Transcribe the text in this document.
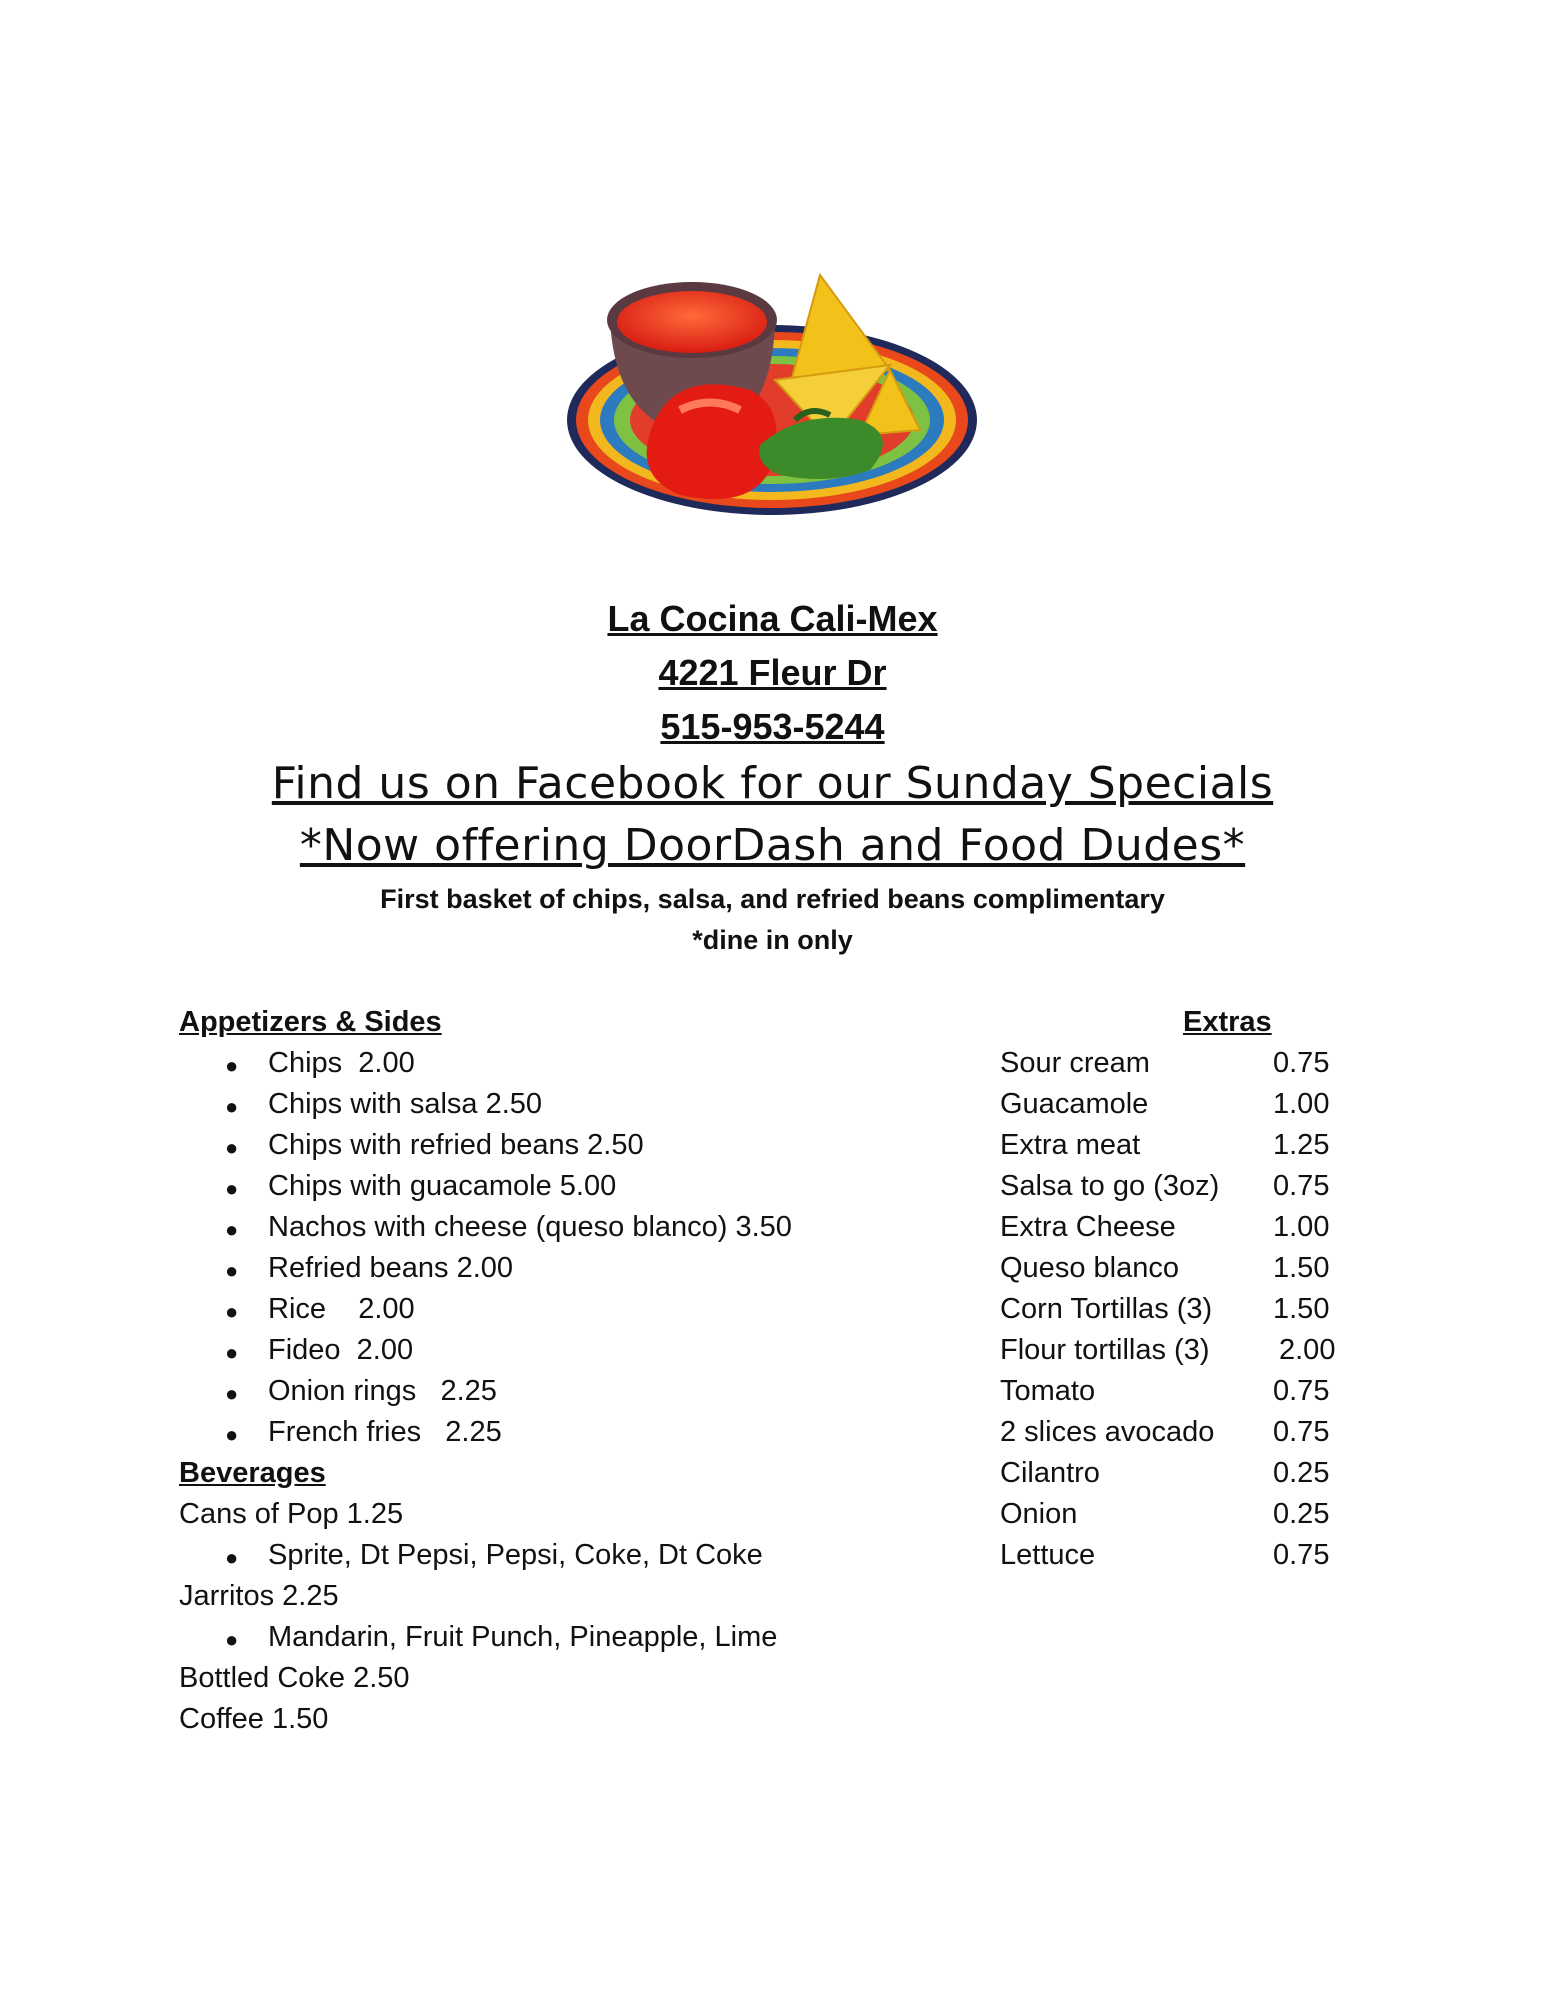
La Cocina Cali-Mex
4221 Fleur Dr
515-953-5244
Find us on Facebook for our Sunday Specials
*Now offering DoorDash and Food Dudes*
First basket of chips, salsa, and refried beans complimentary
*dine in only
Appetizers & Sides
● Chips  2.00
● Chips with salsa 2.50
● Chips with refried beans 2.50
● Chips with guacamole 5.00
● Nachos with cheese (queso blanco) 3.50
● Refried beans 2.00
● Rice    2.00
● Fideo  2.00
● Onion rings   2.25
● French fries   2.25
Beverages
Cans of Pop 1.25
● Sprite, Dt Pepsi, Pepsi, Coke, Dt Coke
Jarritos 2.25
● Mandarin, Fruit Punch, Pineapple, Lime
Bottled Coke 2.50
Coffee 1.50
Extras
Sour cream	0.75
Guacamole	1.00
Extra meat	1.25
Salsa to go (3oz) 0.75
Extra Cheese	1.00
Queso blanco	1.50
Corn Tortillas (3) 1.50
Flour tortillas (3) 2.00
Tomato	0.75
2 slices avocado 0.75
Cilantro	0.25
Onion	0.25
Lettuce	0.75
